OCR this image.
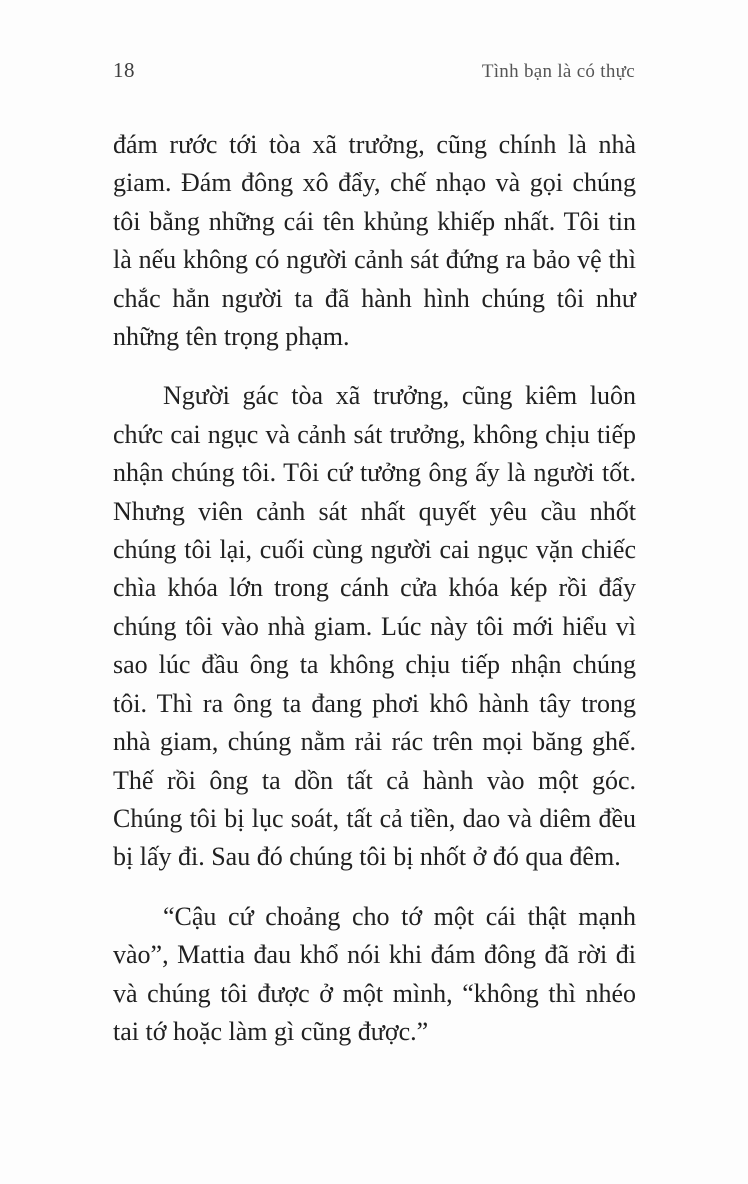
18	Tình bạn là có thực

đám rước tới tòa xã trưởng, cũng chính là nhà giam. Đám đông xô đẩy, chế nhạo và gọi chúng tôi bằng những cái tên khủng khiếp nhất. Tôi tin là nếu không có người cảnh sát đứng ra bảo vệ thì chắc hẳn người ta đã hành hình chúng tôi như những tên trọng phạm.

Người gác tòa xã trưởng, cũng kiêm luôn chức cai ngục và cảnh sát trưởng, không chịu tiếp nhận chúng tôi. Tôi cứ tưởng ông ấy là người tốt. Nhưng viên cảnh sát nhất quyết yêu cầu nhốt chúng tôi lại, cuối cùng người cai ngục vặn chiếc chìa khóa lớn trong cánh cửa khóa kép rồi đẩy chúng tôi vào nhà giam. Lúc này tôi mới hiểu vì sao lúc đầu ông ta không chịu tiếp nhận chúng tôi. Thì ra ông ta đang phơi khô hành tây trong nhà giam, chúng nằm rải rác trên mọi băng ghế. Thế rồi ông ta dồn tất cả hành vào một góc. Chúng tôi bị lục soát, tất cả tiền, dao và diêm đều bị lấy đi. Sau đó chúng tôi bị nhốt ở đó qua đêm.

“Cậu cứ choảng cho tớ một cái thật mạnh vào”, Mattia đau khổ nói khi đám đông đã rời đi và chúng tôi được ở một mình, “không thì nhéo tai tớ hoặc làm gì cũng được.”
